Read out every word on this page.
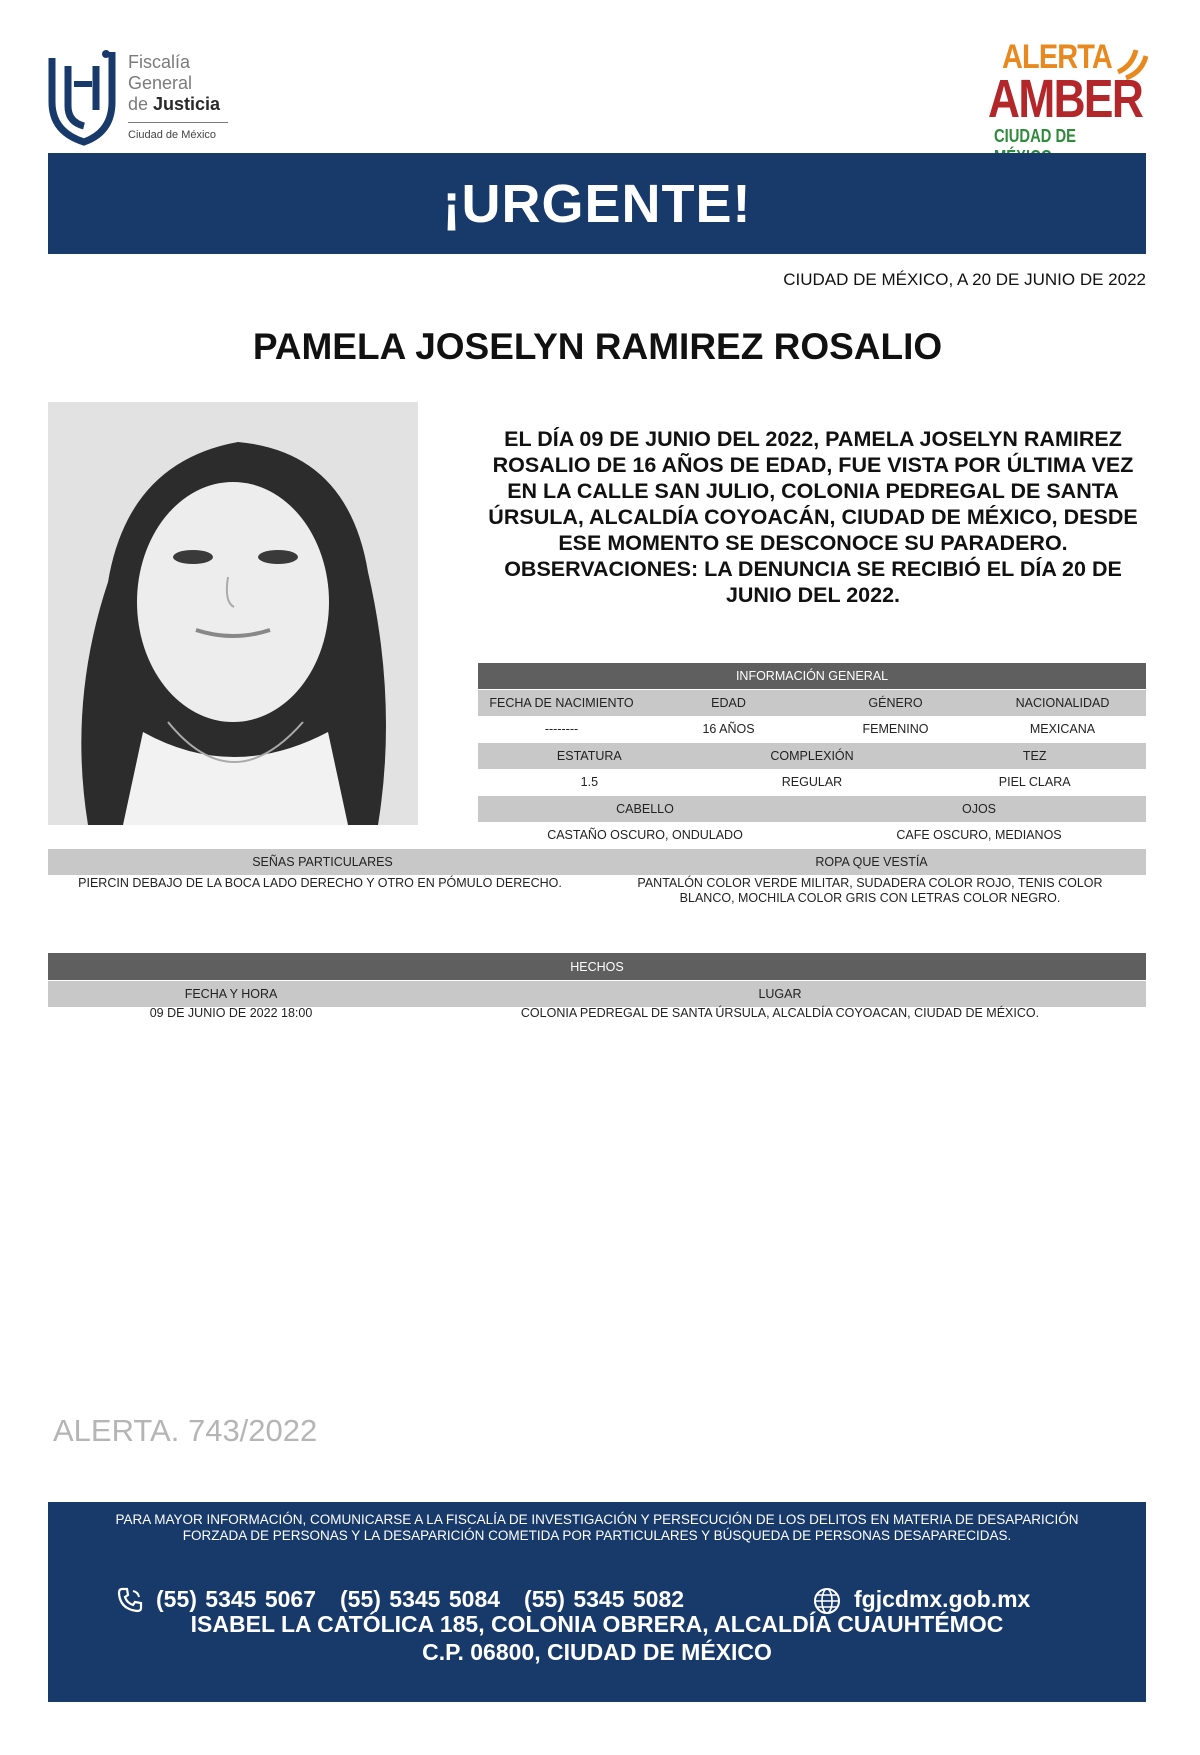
Fiscalía
General
de Justicia
Ciudad de México
ALERTA
AMBER
CIUDAD DE
¡URGENTE!
CIUDAD DE MÉXICO, A 20 DE JUNIO DE 2022
PAMELA JOSELYN RAMIREZ ROSALIO
EL DÍA 09 DE JUNIO DEL 2022, PAMELA JOSELYN RAMIREZ ROSALIO DE 16 AÑOS DE EDAD, FUE VISTA POR ÚLTIMA VEZ EN LA CALLE SAN JULIO, COLONIA PEDREGAL DE SANTA ÚRSULA, ALCALDÍA COYOACÁN, CIUDAD DE MÉXICO, DESDE ESE MOMENTO SE DESCONOCE SU PARADERO.
OBSERVACIONES: LA DENUNCIA SE RECIBIÓ EL DÍA 20 DE JUNIO DEL 2022.
INFORMACIÓN GENERAL
FECHA DE NACIMIENTO	EDAD	GÉNERO	NACIONALIDAD
--------	16 AÑOS	FEMENINO	MEXICANA
ESTATURA	COMPLEXIÓN	TEZ
1.5	REGULAR	PIEL CLARA
CABELLO	OJOS
CASTAÑO OSCURO, ONDULADO	CAFE OSCURO, MEDIANOS
SEÑAS PARTICULARES	ROPA QUE VESTÍA
PIERCIN DEBAJO DE LA BOCA LADO DERECHO Y OTRO EN PÓMULO DERECHO.	PANTALÓN COLOR VERDE MILITAR, SUDADERA COLOR ROJO, TENIS COLOR BLANCO, MOCHILA COLOR GRIS CON LETRAS COLOR NEGRO.
HECHOS
FECHA Y HORA	LUGAR
09 DE JUNIO DE 2022 18:00	COLONIA PEDREGAL DE SANTA ÚRSULA, ALCALDÍA COYOACAN, CIUDAD DE MÉXICO.
ALERTA. 743/2022
PARA MAYOR INFORMACIÓN, COMUNICARSE A LA FISCALÍA DE INVESTIGACIÓN Y PERSECUCIÓN DE LOS DELITOS EN MATERIA DE DESAPARICIÓN
FORZADA DE PERSONAS Y LA DESAPARICIÓN COMETIDA POR PARTICULARES Y BÚSQUEDA DE PERSONAS DESAPARECIDAS.
(55) 5345 5067 (55) 5345 5084 (55) 5345 5082	fgjcdmx.gob.mx
ISABEL LA CATÓLICA 185, COLONIA OBRERA, ALCALDÍA CUAUHTÉMOC
C.P. 06800, CIUDAD DE MÉXICO
